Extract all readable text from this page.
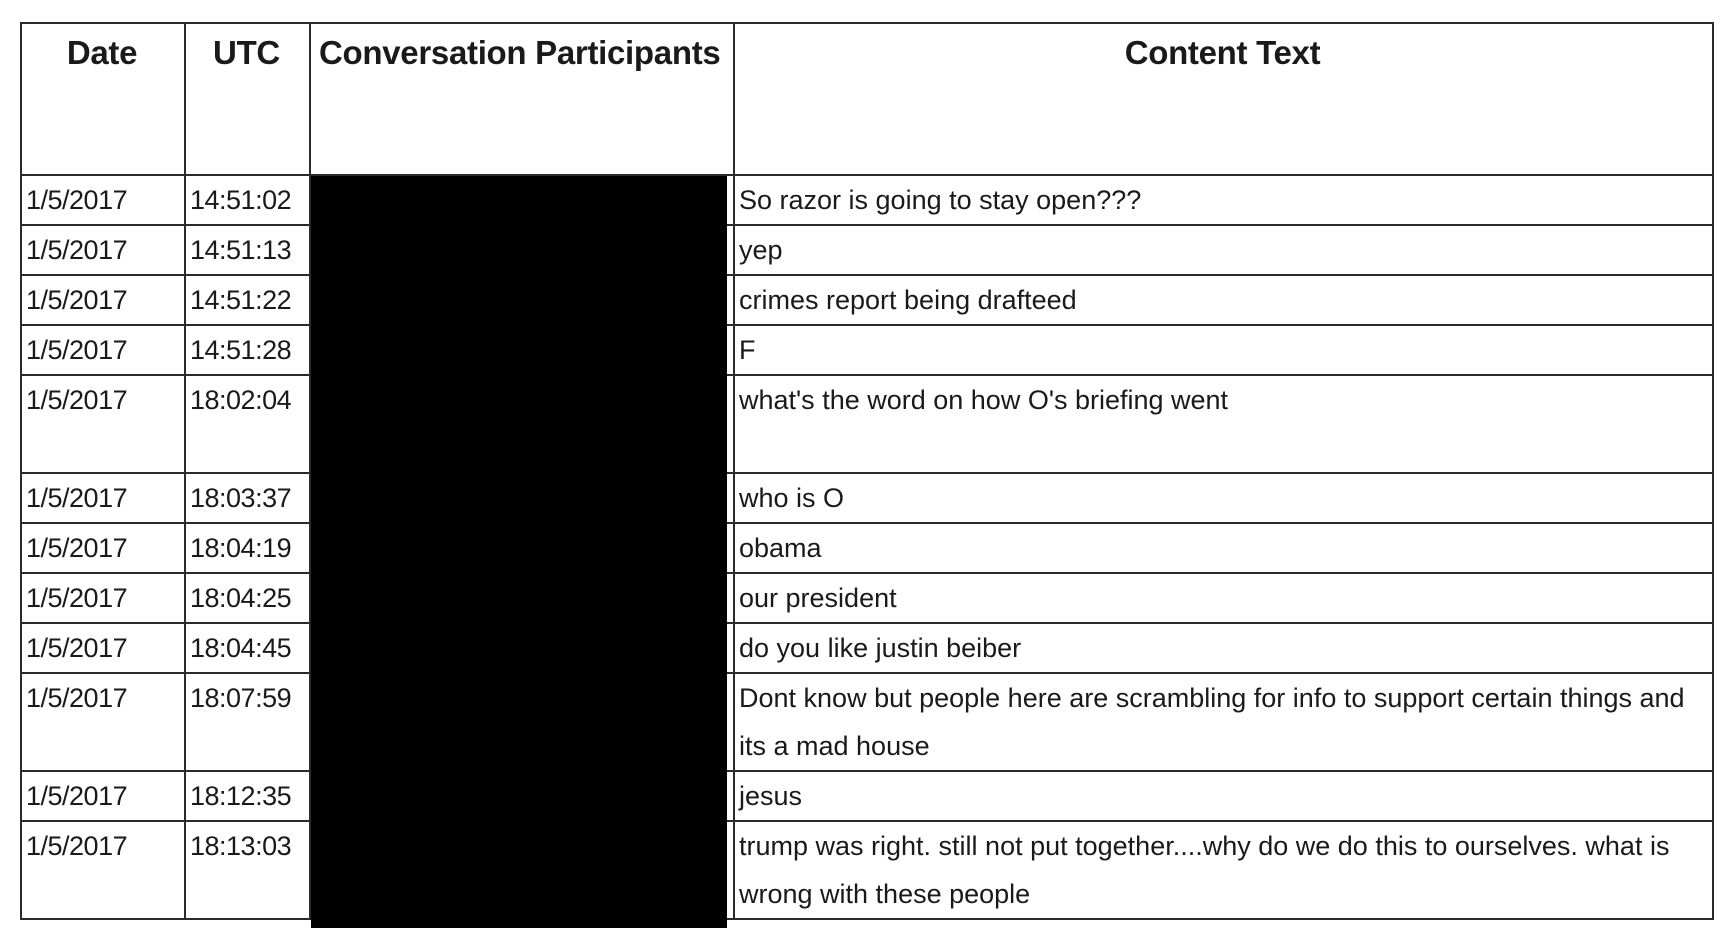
Date	UTC	Conversation Participants	Content Text
1/5/2017	14:51:02		So razor is going to stay open???
1/5/2017	14:51:13		yep
1/5/2017	14:51:22		crimes report being drafteed
1/5/2017	14:51:28		F
1/5/2017	18:02:04		what's the word on how O's briefing went
1/5/2017	18:03:37		who is O
1/5/2017	18:04:19		obama
1/5/2017	18:04:25		our president
1/5/2017	18:04:45		do you like justin beiber
1/5/2017	18:07:59		Dont know but people here are scrambling for info to support certain things and its a mad house
1/5/2017	18:12:35		jesus
1/5/2017	18:13:03		trump was right. still not put together....why do we do this to ourselves. what is wrong with these people
